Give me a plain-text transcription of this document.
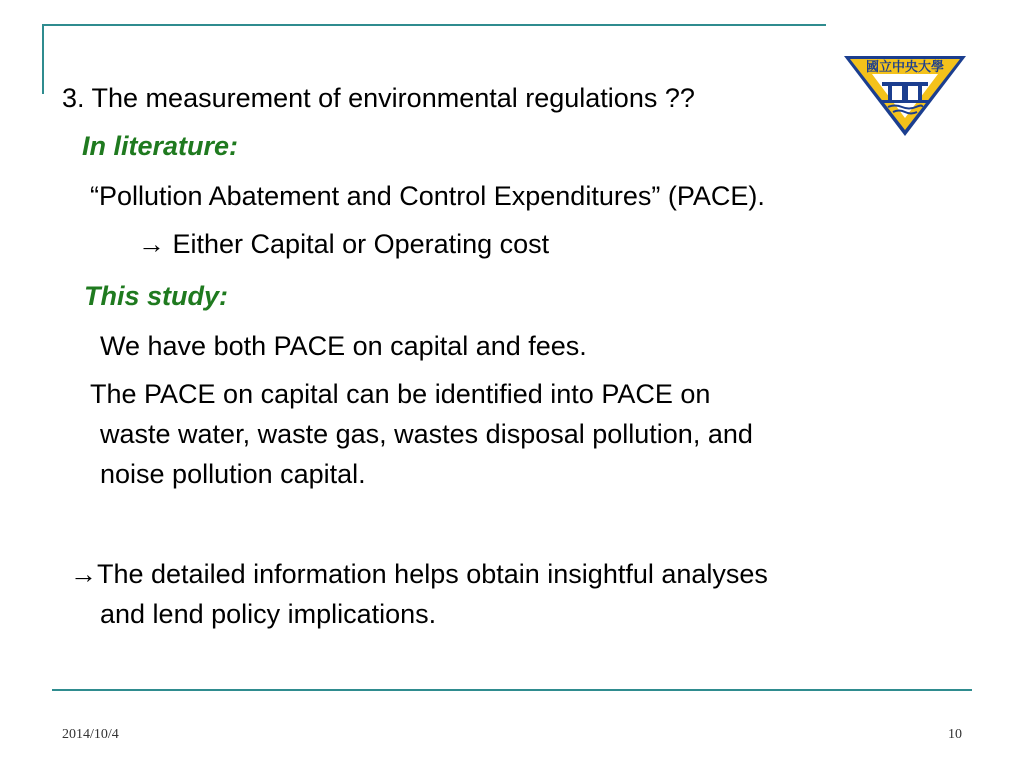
國立中央大學
3. The measurement of environmental regulations ??
In literature:
“Pollution Abatement and Control Expenditures” (PACE).
→ Either Capital or Operating cost
This study:
We have both PACE on capital and fees.
The PACE on capital can be identified into PACE on
waste water, waste gas, wastes disposal pollution, and
noise pollution capital.
→The detailed information helps obtain insightful analyses
and lend policy implications.
2014/10/4	10
